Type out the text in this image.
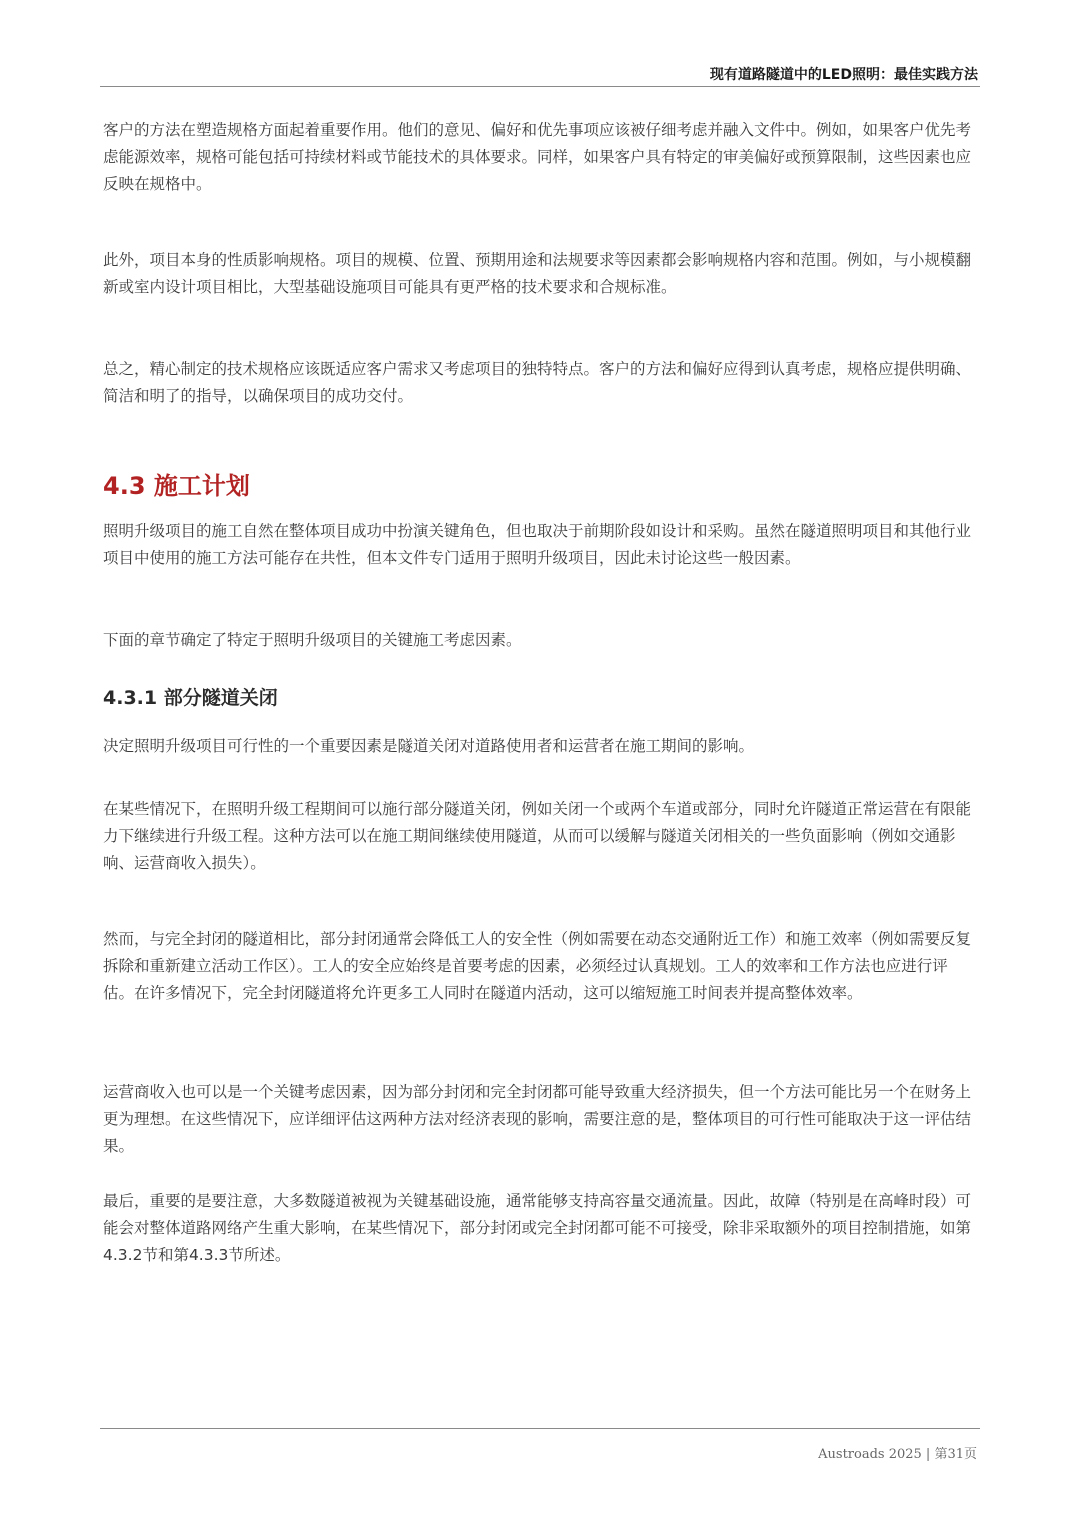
现有道路隧道中的LED照明：最佳实践方法

客户的方法在塑造规格方面起着重要作用。他们的意见、偏好和优先事项应该被仔细考虑并融入文件中。例如，如果客户优先考虑能源效率，规格可能包括可持续材料或节能技术的具体要求。同样，如果客户具有特定的审美偏好或预算限制，这些因素也应反映在规格中。

此外，项目本身的性质影响规格。项目的规模、位置、预期用途和法规要求等因素都会影响规格内容和范围。例如，与小规模翻新或室内设计项目相比，大型基础设施项目可能具有更严格的技术要求和合规标准。

总之，精心制定的技术规格应该既适应客户需求又考虑项目的独特特点。客户的方法和偏好应得到认真考虑，规格应提供明确、简洁和明了的指导，以确保项目的成功交付。

4.3 施工计划

照明升级项目的施工自然在整体项目成功中扮演关键角色，但也取决于前期阶段如设计和采购。虽然在隧道照明项目和其他行业项目中使用的施工方法可能存在共性，但本文件专门适用于照明升级项目，因此未讨论这些一般因素。

下面的章节确定了特定于照明升级项目的关键施工考虑因素。

4.3.1 部分隧道关闭

决定照明升级项目可行性的一个重要因素是隧道关闭对道路使用者和运营者在施工期间的影响。

在某些情况下，在照明升级工程期间可以施行部分隧道关闭，例如关闭一个或两个车道或部分，同时允许隧道正常运营在有限能力下继续进行升级工程。这种方法可以在施工期间继续使用隧道，从而可以缓解与隧道关闭相关的一些负面影响（例如交通影响、运营商收入损失）。

然而，与完全封闭的隧道相比，部分封闭通常会降低工人的安全性（例如需要在动态交通附近工作）和施工效率（例如需要反复拆除和重新建立活动工作区）。工人的安全应始终是首要考虑的因素，必须经过认真规划。工人的效率和工作方法也应进行评估。在许多情况下，完全封闭隧道将允许更多工人同时在隧道内活动，这可以缩短施工时间表并提高整体效率。

运营商收入也可以是一个关键考虑因素，因为部分封闭和完全封闭都可能导致重大经济损失，但一个方法可能比另一个在财务上更为理想。在这些情况下，应详细评估这两种方法对经济表现的影响，需要注意的是，整体项目的可行性可能取决于这一评估结果。

最后，重要的是要注意，大多数隧道被视为关键基础设施，通常能够支持高容量交通流量。因此，故障（特别是在高峰时段）可能会对整体道路网络产生重大影响，在某些情况下，部分封闭或完全封闭都可能不可接受，除非采取额外的项目控制措施，如第4.3.2节和第4.3.3节所述。

Austroads 2025 | 第31页
